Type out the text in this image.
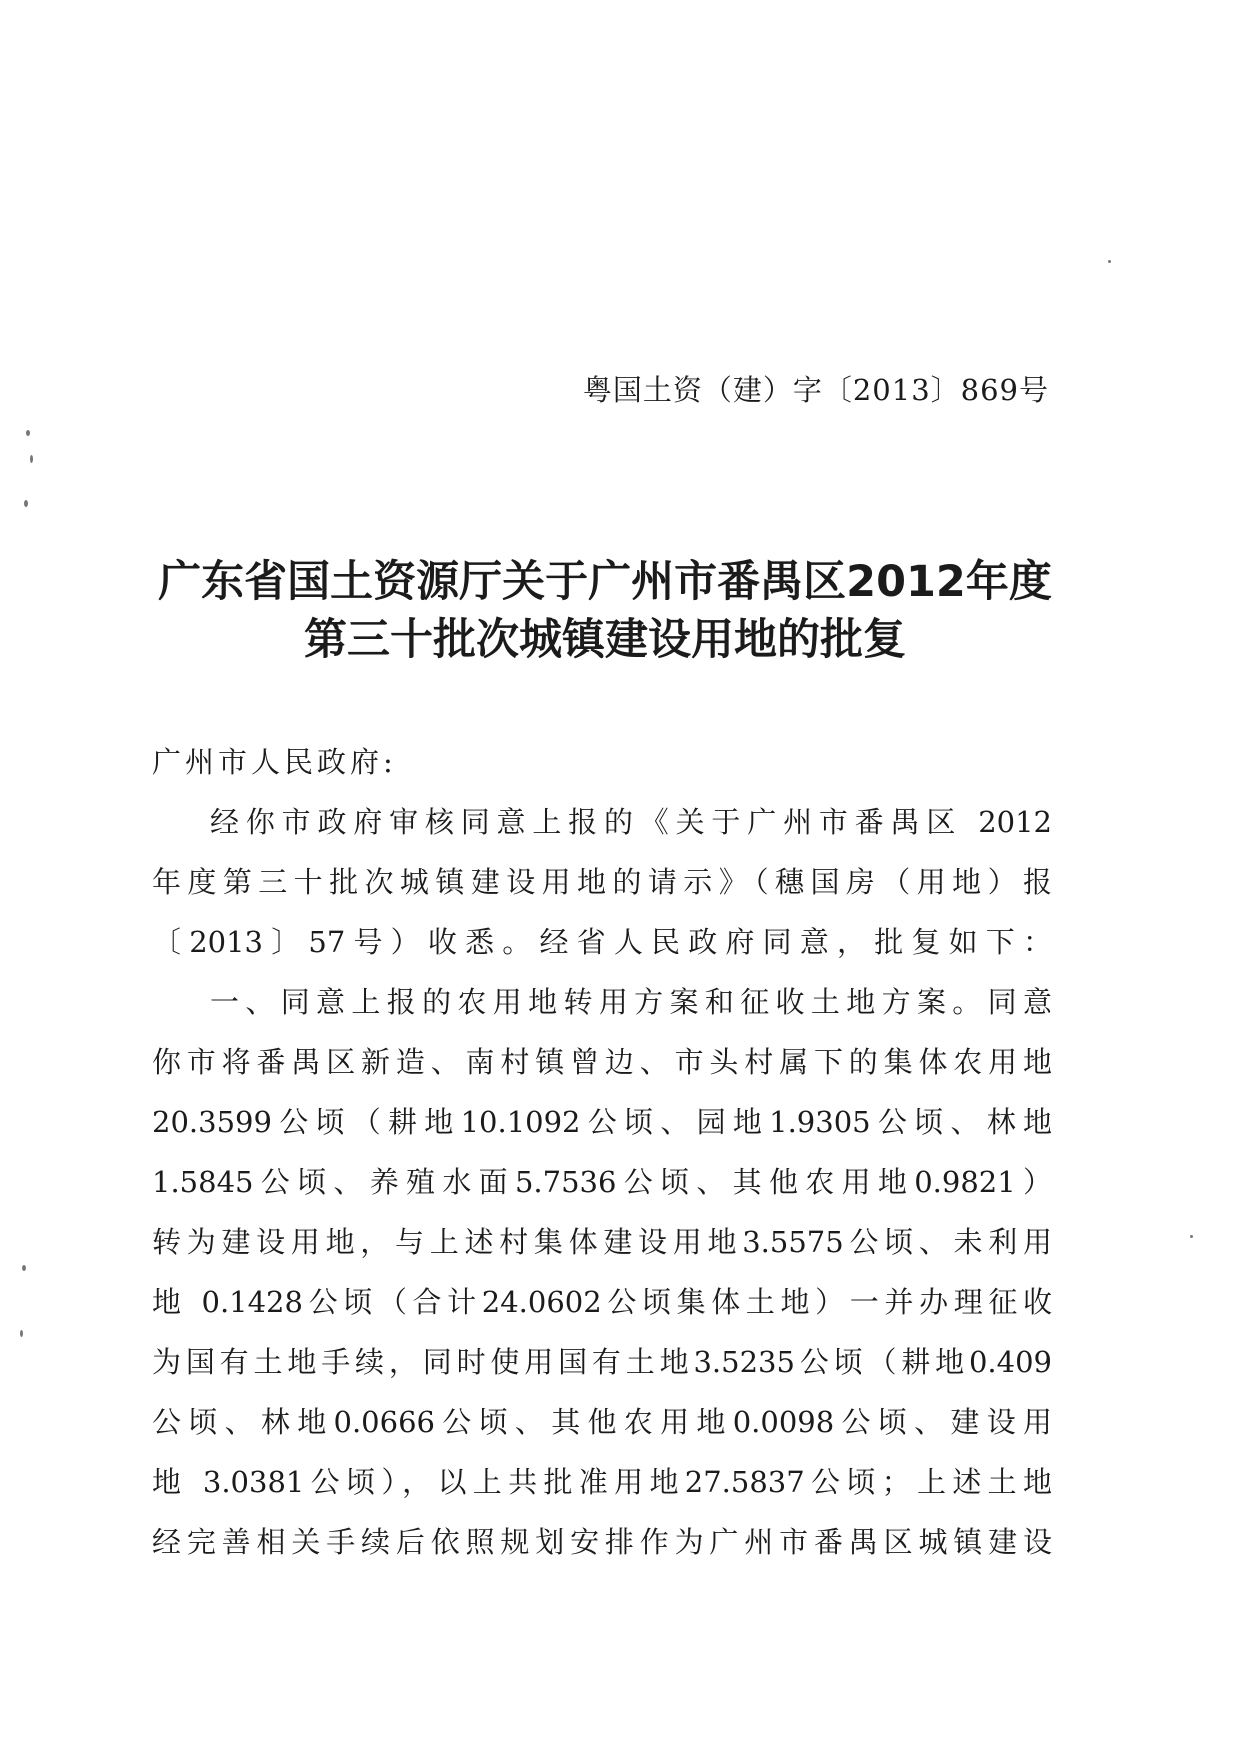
粤国土资（建）字〔2013〕869号
广东省国土资源厅关于广州市番禺区2012年度
第三十批次城镇建设用地的批复
广州市人民政府:
经你市政府审核同意上报的《关于广州市番禺区 2012
年度第三十批次城镇建设用地的请示》（穗国房（用地）报
〔2013〕57号）收悉。经省人民政府同意，批复如下：
一、同意上报的农用地转用方案和征收土地方案。同意
你市将番禺区新造、南村镇曾边、市头村属下的集体农用地
20.3599公顷（耕地10.1092公顷、园地1.9305公顷、林地
1.5845公顷、养殖水面5.7536公顷、其他农用地0.9821）
转为建设用地，与上述村集体建设用地3.5575公顷、未利用
地 0.1428公顷（合计24.0602公顷集体土地）一并办理征收
为国有土地手续，同时使用国有土地3.5235公顷（耕地0.409
公顷、林地0.0666公顷、其他农用地0.0098公顷、建设用
地 3.0381公顷），以上共批准用地27.5837公顷；上述土地
经完善相关手续后依照规划安排作为广州市番禺区城镇建设
